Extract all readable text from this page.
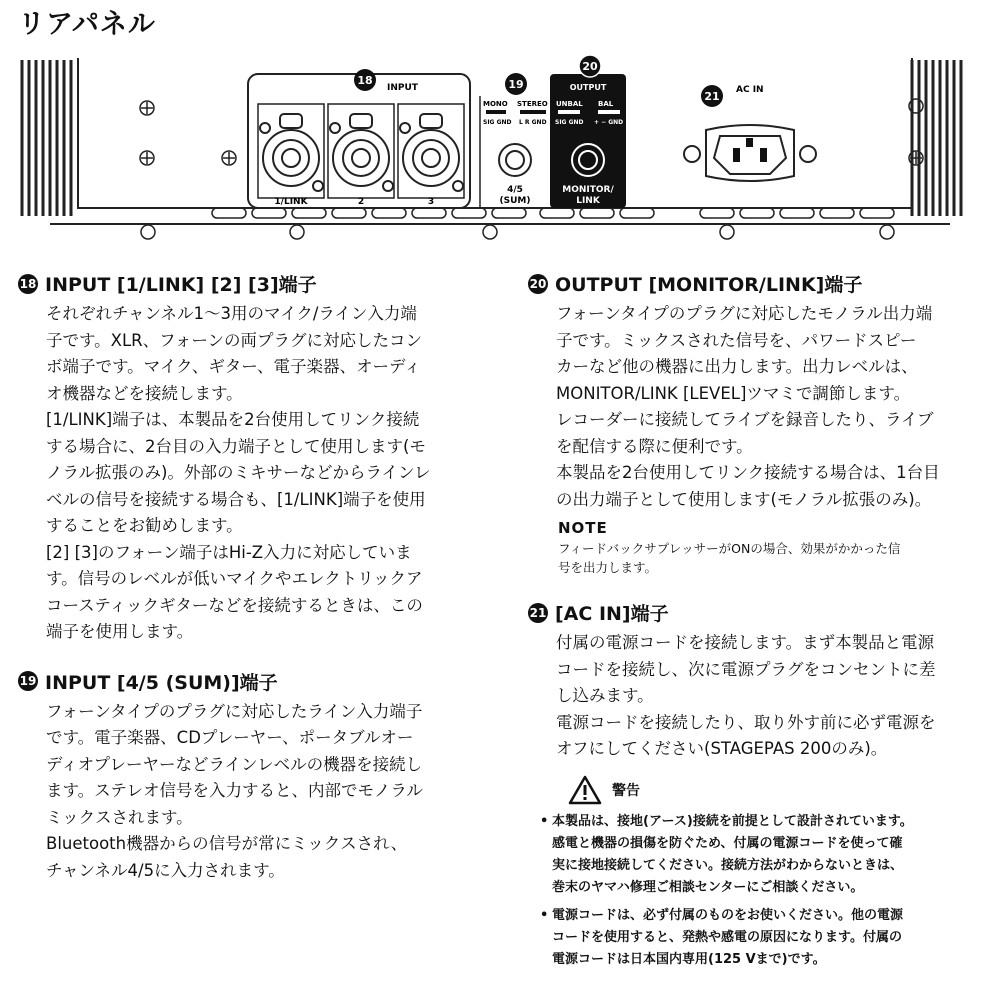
リアパネル
18
INPUT
1/LINK	2	3
19
MONO STEREO
SIG GND L R GND
4/5
(SUM)
20
OUTPUT
UNBAL BAL
SIG GND + − GND
MONITOR/
LINK
21 AC IN
18 INPUT [1/LINK] [2] [3]端子

それぞれチャンネル1～3用のマイク/ライン入力端
子です。XLR、フォーンの両プラグに対応したコン
ボ端子です。マイク、ギター、電子楽器、オーディ
オ機器などを接続します。
[1/LINK]端子は、本製品を2台使用してリンク接続
する場合に、2台目の入力端子として使用します(モ
ノラル拡張のみ)。外部のミキサーなどからラインレ
ベルの信号を接続する場合も、[1/LINK]端子を使用
することをお勧めします。
[2] [3]のフォーン端子はHi-Z入力に対応していま
す。信号のレベルが低いマイクやエレクトリックア
コースティックギターなどを接続するときは、この
端子を使用します。

19 INPUT [4/5 (SUM)]端子

フォーンタイプのプラグに対応したライン入力端子
です。電子楽器、CDプレーヤー、ポータブルオー
ディオプレーヤーなどラインレベルの機器を接続し
ます。ステレオ信号を入力すると、内部でモノラル
ミックスされます。
Bluetooth機器からの信号が常にミックスされ、
チャンネル4/5に入力されます。

20 OUTPUT [MONITOR/LINK]端子

フォーンタイプのプラグに対応したモノラル出力端
子です。ミックスされた信号を、パワードスピー
カーなど他の機器に出力します。出力レベルは、
MONITOR/LINK [LEVEL]ツマミで調節します。
レコーダーに接続してライブを録音したり、ライブ
を配信する際に便利です。
本製品を2台使用してリンク接続する場合は、1台目
の出力端子として使用します(モノラル拡張のみ)。

NOTE

フィードバックサプレッサーがONの場合、効果がかかった信
号を出力します。

21 [AC IN]端子

付属の電源コードを接続します。まず本製品と電源
コードを接続し、次に電源プラグをコンセントに差
し込みます。
電源コードを接続したり、取り外す前に必ず電源を
オフにしてください(STAGEPAS 200のみ)。

警告
• 本製品は、接地(アース)接続を前提として設計されています。
感電と機器の損傷を防ぐため、付属の電源コードを使って確
実に接地接続してください。接続方法がわからないときは、
巻末のヤマハ修理ご相談センターにご相談ください。
• 電源コードは、必ず付属のものをお使いください。他の電源
コードを使用すると、発熱や感電の原因になります。付属の
電源コードは日本国内専用(125 Vまで)です。
